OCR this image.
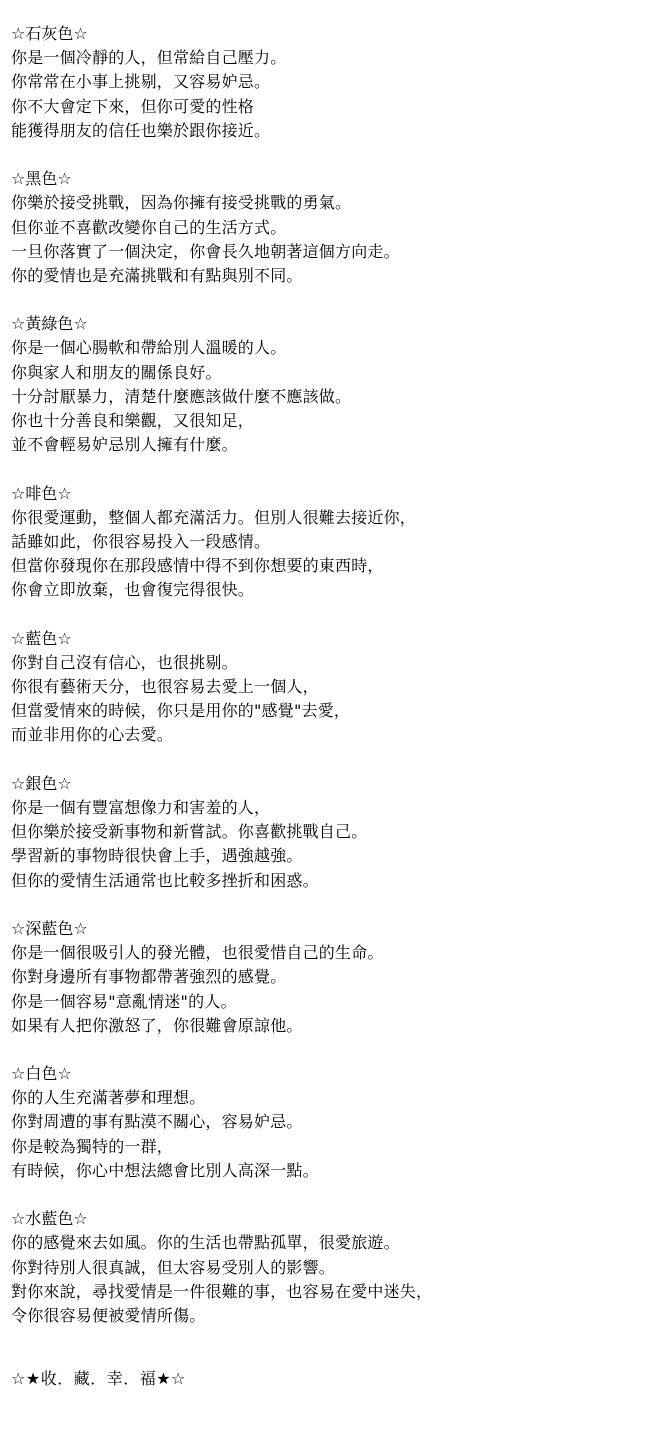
☆石灰色☆
你是一個冷靜的人，但常給自己壓力。
你常常在小事上挑剔，又容易妒忌。
你不大會定下來，但你可愛的性格
能獲得朋友的信任也樂於跟你接近。
☆黑色☆
你樂於接受挑戰，因為你擁有接受挑戰的勇氣。
但你並不喜歡改變你自己的生活方式。
一旦你落實了一個決定，你會長久地朝著這個方向走。
你的愛情也是充滿挑戰和有點與別不同。
☆黃綠色☆
你是一個心腸軟和帶給別人溫暖的人。
你與家人和朋友的關係良好。
十分討厭暴力，清楚什麼應該做什麼不應該做。
你也十分善良和樂觀，又很知足，
並不會輕易妒忌別人擁有什麼。
☆啡色☆
你很愛運動，整個人都充滿活力。但別人很難去接近你，
話雖如此，你很容易投入一段感情。
但當你發現你在那段感情中得不到你想要的東西時，
你會立即放棄，也會復完得很快。
☆藍色☆
你對自己沒有信心，也很挑剔。
你很有藝術天分，也很容易去愛上一個人，
但當愛情來的時候，你只是用你的"感覺"去愛，
而並非用你的心去愛。
☆銀色☆
你是一個有豐富想像力和害羞的人，
但你樂於接受新事物和新嘗試。你喜歡挑戰自己。
學習新的事物時很快會上手，遇強越強。
但你的愛情生活通常也比較多挫折和困惑。
☆深藍色☆
你是一個很吸引人的發光體，也很愛惜自己的生命。
你對身邊所有事物都帶著強烈的感覺。
你是一個容易"意亂情迷"的人。
如果有人把你激怒了，你很難會原諒他。
☆白色☆
你的人生充滿著夢和理想。
你對周遭的事有點漠不關心，容易妒忌。
你是較為獨特的一群，
有時候，你心中想法總會比別人高深一點。
☆水藍色☆
你的感覺來去如風。你的生活也帶點孤單，很愛旅遊。
你對待別人很真誠，但太容易受別人的影響。
對你來說，尋找愛情是一件很難的事，也容易在愛中迷失，
令你很容易便被愛情所傷。
☆★收．藏．幸．福★☆
